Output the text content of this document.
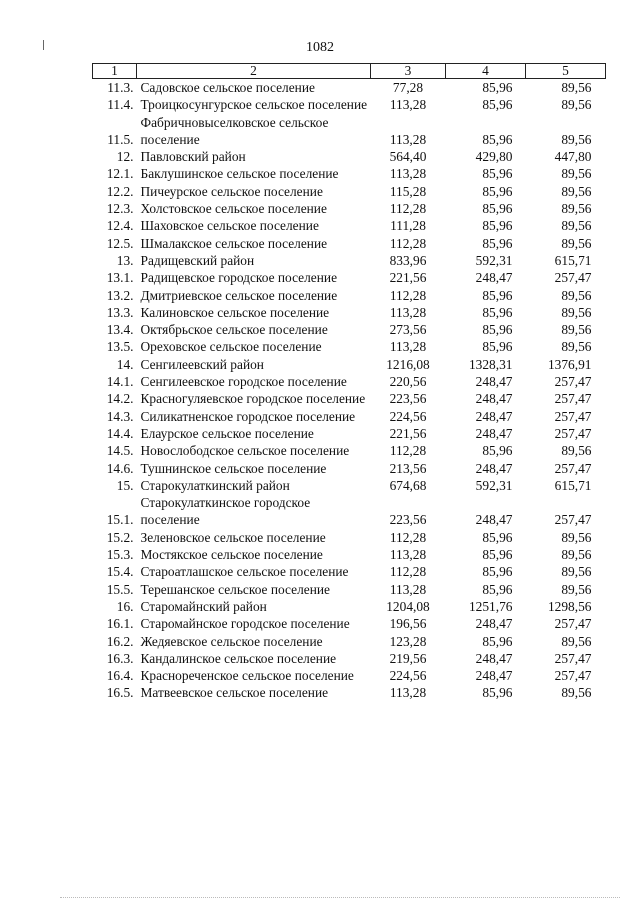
1082
1	2	3	4	5
11.3.	Садовское сельское поселение	77,28	85,96	89,56
11.4.	Троицкосунгурское сельское поселение	113,28	85,96	89,56
11.5.	Фабричновыселковское сельское поселение	113,28	85,96	89,56
12.	Павловский район	564,40	429,80	447,80
12.1.	Баклушинское сельское поселение	113,28	85,96	89,56
12.2.	Пичеурское сельское поселение	115,28	85,96	89,56
12.3.	Холстовское сельское поселение	112,28	85,96	89,56
12.4.	Шаховское сельское поселение	111,28	85,96	89,56
12.5.	Шмалакское сельское поселение	112,28	85,96	89,56
13.	Радищевский район	833,96	592,31	615,71
13.1.	Радищевское городское поселение	221,56	248,47	257,47
13.2.	Дмитриевское сельское поселение	112,28	85,96	89,56
13.3.	Калиновское сельское поселение	113,28	85,96	89,56
13.4.	Октябрьское сельское поселение	273,56	85,96	89,56
13.5.	Ореховское сельское поселение	113,28	85,96	89,56
14.	Сенгилеевский район	1216,08	1328,31	1376,91
14.1.	Сенгилеевское городское поселение	220,56	248,47	257,47
14.2.	Красногуляевское городское поселение	223,56	248,47	257,47
14.3.	Силикатненское городское поселение	224,56	248,47	257,47
14.4.	Елаурское сельское поселение	221,56	248,47	257,47
14.5.	Новослободское сельское поселение	112,28	85,96	89,56
14.6.	Тушнинское сельское поселение	213,56	248,47	257,47
15.	Старокулаткинский район	674,68	592,31	615,71
15.1.	Старокулаткинское городское поселение	223,56	248,47	257,47
15.2.	Зеленовское сельское поселение	112,28	85,96	89,56
15.3.	Мостякское сельское поселение	113,28	85,96	89,56
15.4.	Староатлашское сельское поселение	112,28	85,96	89,56
15.5.	Терешанское сельское поселение	113,28	85,96	89,56
16.	Старомайнский район	1204,08	1251,76	1298,56
16.1.	Старомайнское городское поселение	196,56	248,47	257,47
16.2.	Жедяевское сельское поселение	123,28	85,96	89,56
16.3.	Кандалинское сельское поселение	219,56	248,47	257,47
16.4.	Краснореченское сельское поселение	224,56	248,47	257,47
16.5.	Матвеевское сельское поселение	113,28	85,96	89,56
